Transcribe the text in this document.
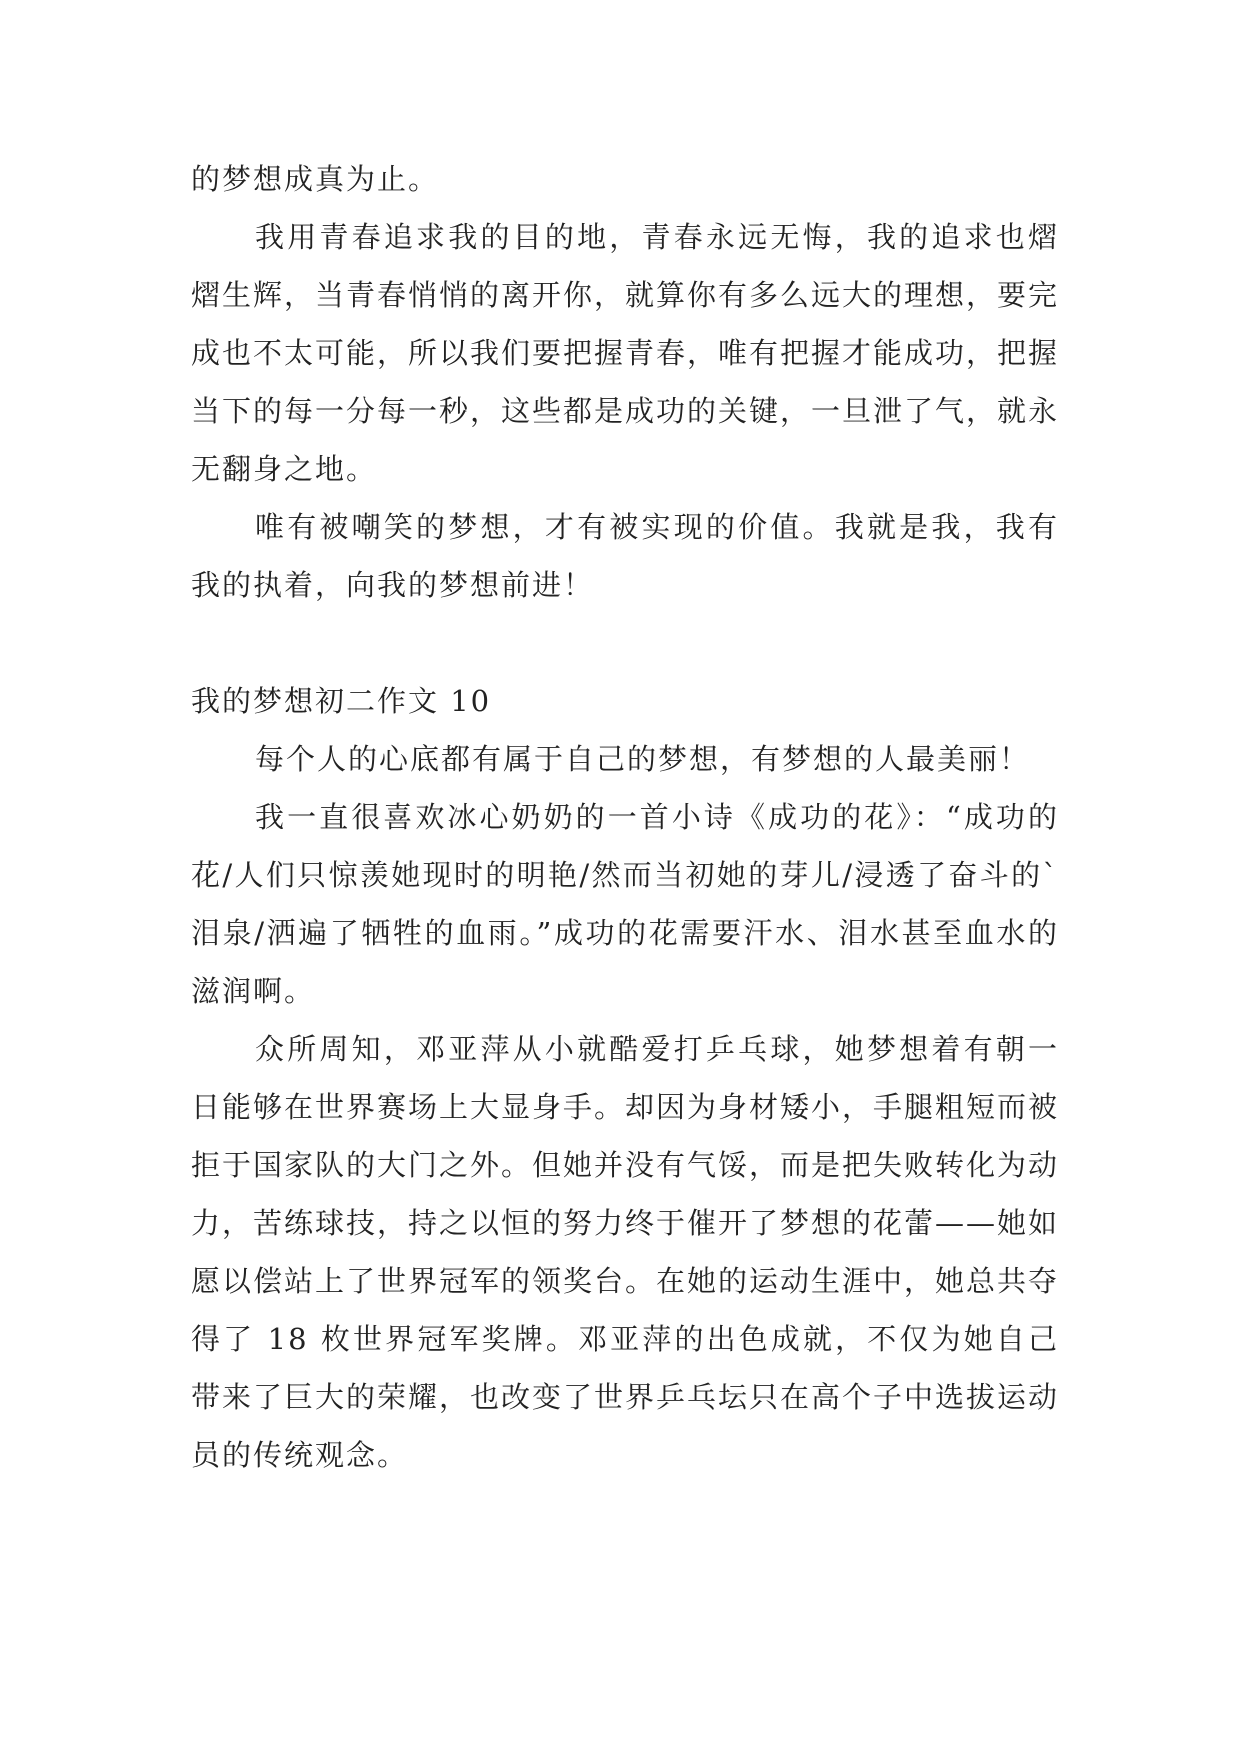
的梦想成真为止。

我用青春追求我的目的地，青春永远无悔，我的追求也熠熠生辉，当青春悄悄的离开你，就算你有多么远大的理想，要完成也不太可能，所以我们要把握青春，唯有把握才能成功，把握当下的每一分每一秒，这些都是成功的关键，一旦泄了气，就永无翻身之地。

唯有被嘲笑的梦想，才有被实现的价值。我就是我，我有我的执着，向我的梦想前进！

我的梦想初二作文 10

每个人的心底都有属于自己的梦想，有梦想的人最美丽！

我一直很喜欢冰心奶奶的一首小诗《成功的花》：“成功的花/人们只惊羡她现时的明艳/然而当初她的芽儿/浸透了奋斗的`泪泉/洒遍了牺牲的血雨。”成功的花需要汗水、泪水甚至血水的滋润啊。

众所周知，邓亚萍从小就酷爱打乒乓球，她梦想着有朝一日能够在世界赛场上大显身手。却因为身材矮小，手腿粗短而被拒于国家队的大门之外。但她并没有气馁，而是把失败转化为动力，苦练球技，持之以恒的努力终于催开了梦想的花蕾——她如愿以偿站上了世界冠军的领奖台。在她的运动生涯中，她总共夺得了 18 枚世界冠军奖牌。邓亚萍的出色成就，不仅为她自己带来了巨大的荣耀，也改变了世界乒乓坛只在高个子中选拔运动员的传统观念。
